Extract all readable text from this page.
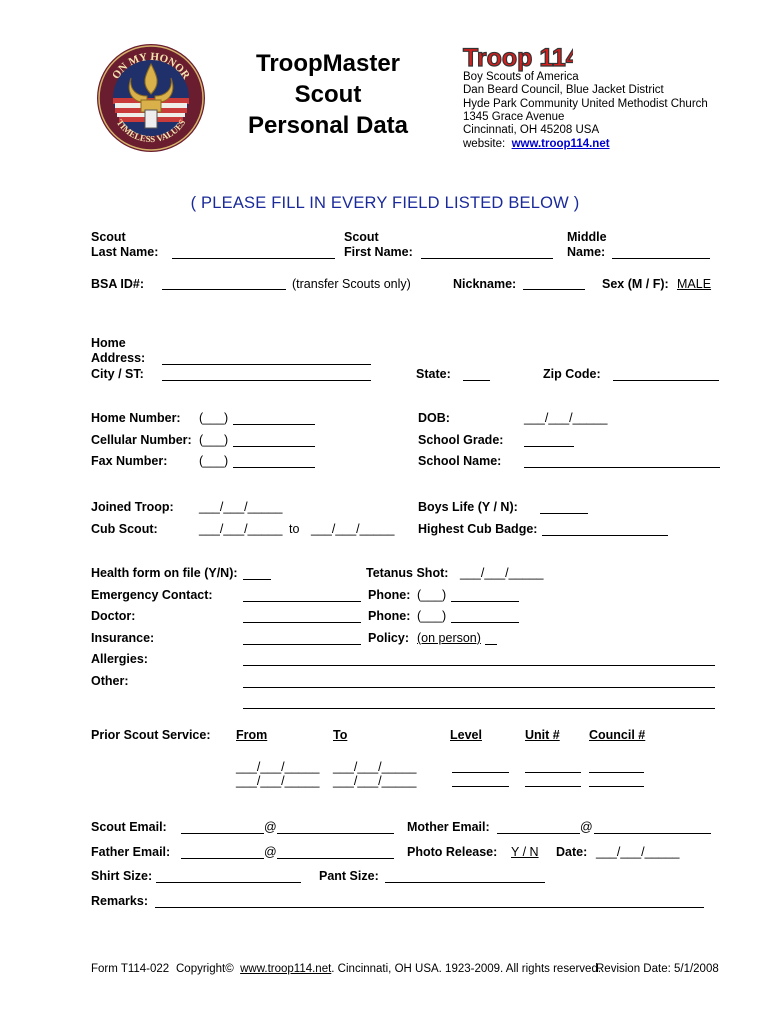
ON MY HONOR
TIMELESS VALUES
TroopMaster
Scout
Personal Data
Troop 114
Boy Scouts of America
Dan Beard Council, Blue Jacket District
Hyde Park Community United Methodist Church
1345 Grace Avenue
Cincinnati, OH 45208 USA
website: www.troop114.net
( PLEASE FILL IN EVERY FIELD LISTED BELOW )
Scout
Last Name:
Scout
First Name:
Middle
Name:
BSA ID#:	(transfer Scouts only)	Nickname:	Sex (M / F): MALE
Home
Address:
City / ST:	State:	Zip Code:
Home Number: (___)	DOB:	___/___/_____
Cellular Number: (___)	School Grade:
Fax Number:	(___)	School Name:
Joined Troop: ___/___/_____	Boys Life (Y / N):
Cub Scout:	___/___/_____ to ___/___/_____ Highest Cub Badge:
Health form on file (Y/N):	Tetanus Shot: ___/___/_____
Emergency Contact:	Phone: (___)
Doctor:	Phone: (___)
Insurance:	Policy: (on person)
Allergies:
Other:
Prior Scout Service: From	To	Level	Unit # Council #
___/___/_____ ___/___/_____
___/___/_____ ___/___/_____
Scout Email:	@	Mother Email:	@
Father Email:	@	Photo Release: Y / N Date: ___/___/_____
Shirt Size:	Pant Size:
Remarks:
Form T114-022 Copyright© www.troop114.net. Cincinnati, OH USA. 1923-2009. All rights reserved.
Revision Date: 5/1/2008
